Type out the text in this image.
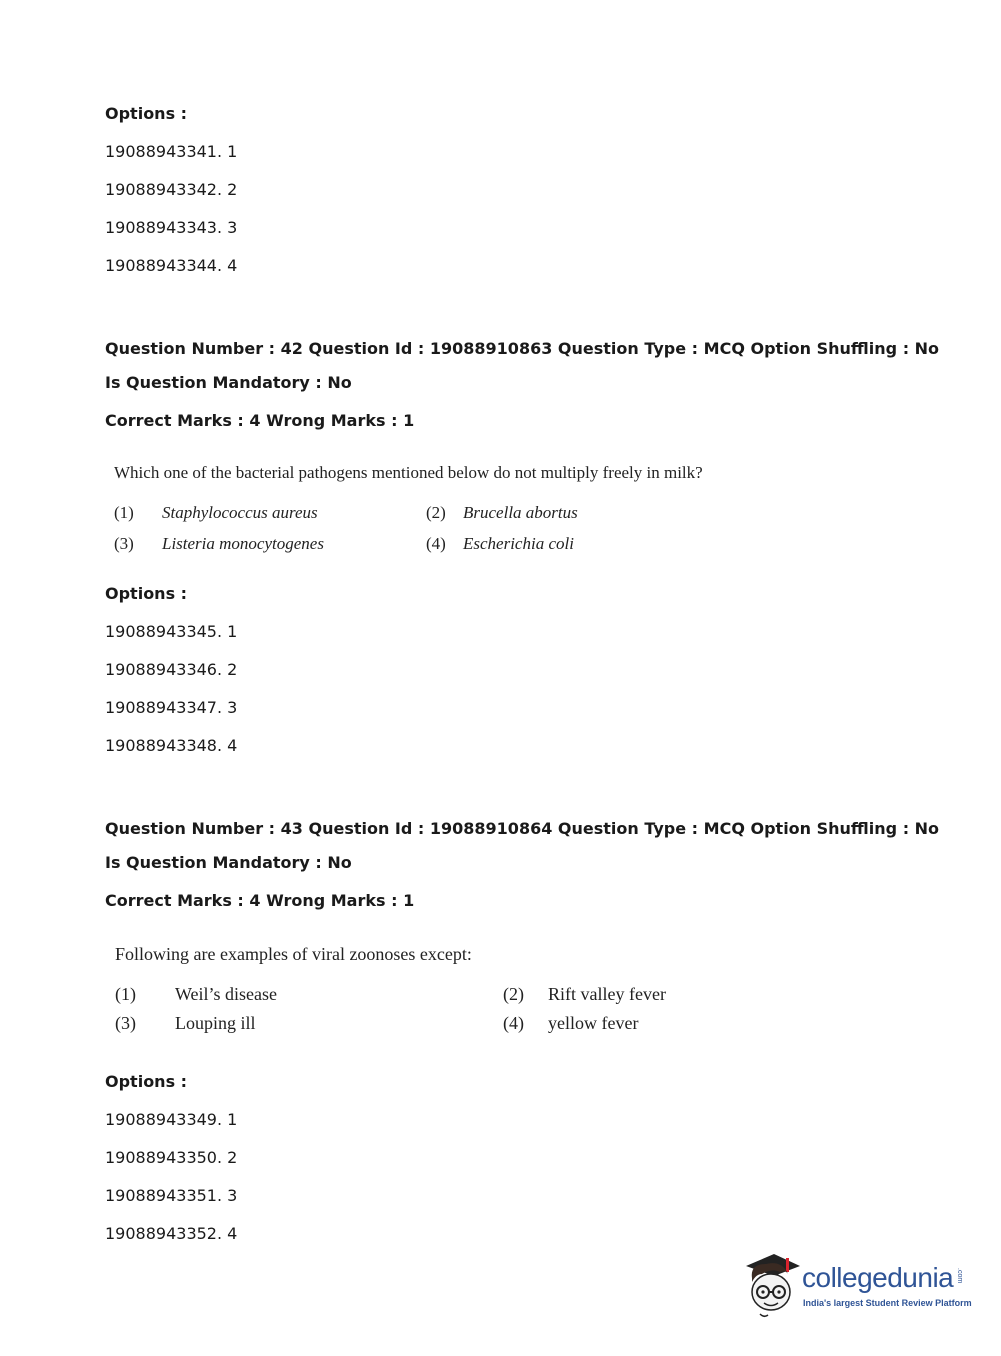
Options :
19088943341. 1
19088943342. 2
19088943343. 3
19088943344. 4
Question Number : 42 Question Id : 19088910863 Question Type : MCQ Option Shuffling : No
Is Question Mandatory : No
Correct Marks : 4 Wrong Marks : 1
Which one of the bacterial pathogens mentioned below do not multiply freely in milk?
(1) Staphylococcus aureus	(2) Brucella abortus
(3) Listeria monocytogenes	(4) Escherichia coli
Options :
19088943345. 1
19088943346. 2
19088943347. 3
19088943348. 4
Question Number : 43 Question Id : 19088910864 Question Type : MCQ Option Shuffling : No
Is Question Mandatory : No
Correct Marks : 4 Wrong Marks : 1
Following are examples of viral zoonoses except:
(1) Weil’s disease	(2) Rift valley fever
(3) Louping ill	(4) yellow fever
Options :
19088943349. 1
19088943350. 2
19088943351. 3
19088943352. 4
collegedunia .com
India's largest Student Review Platform
